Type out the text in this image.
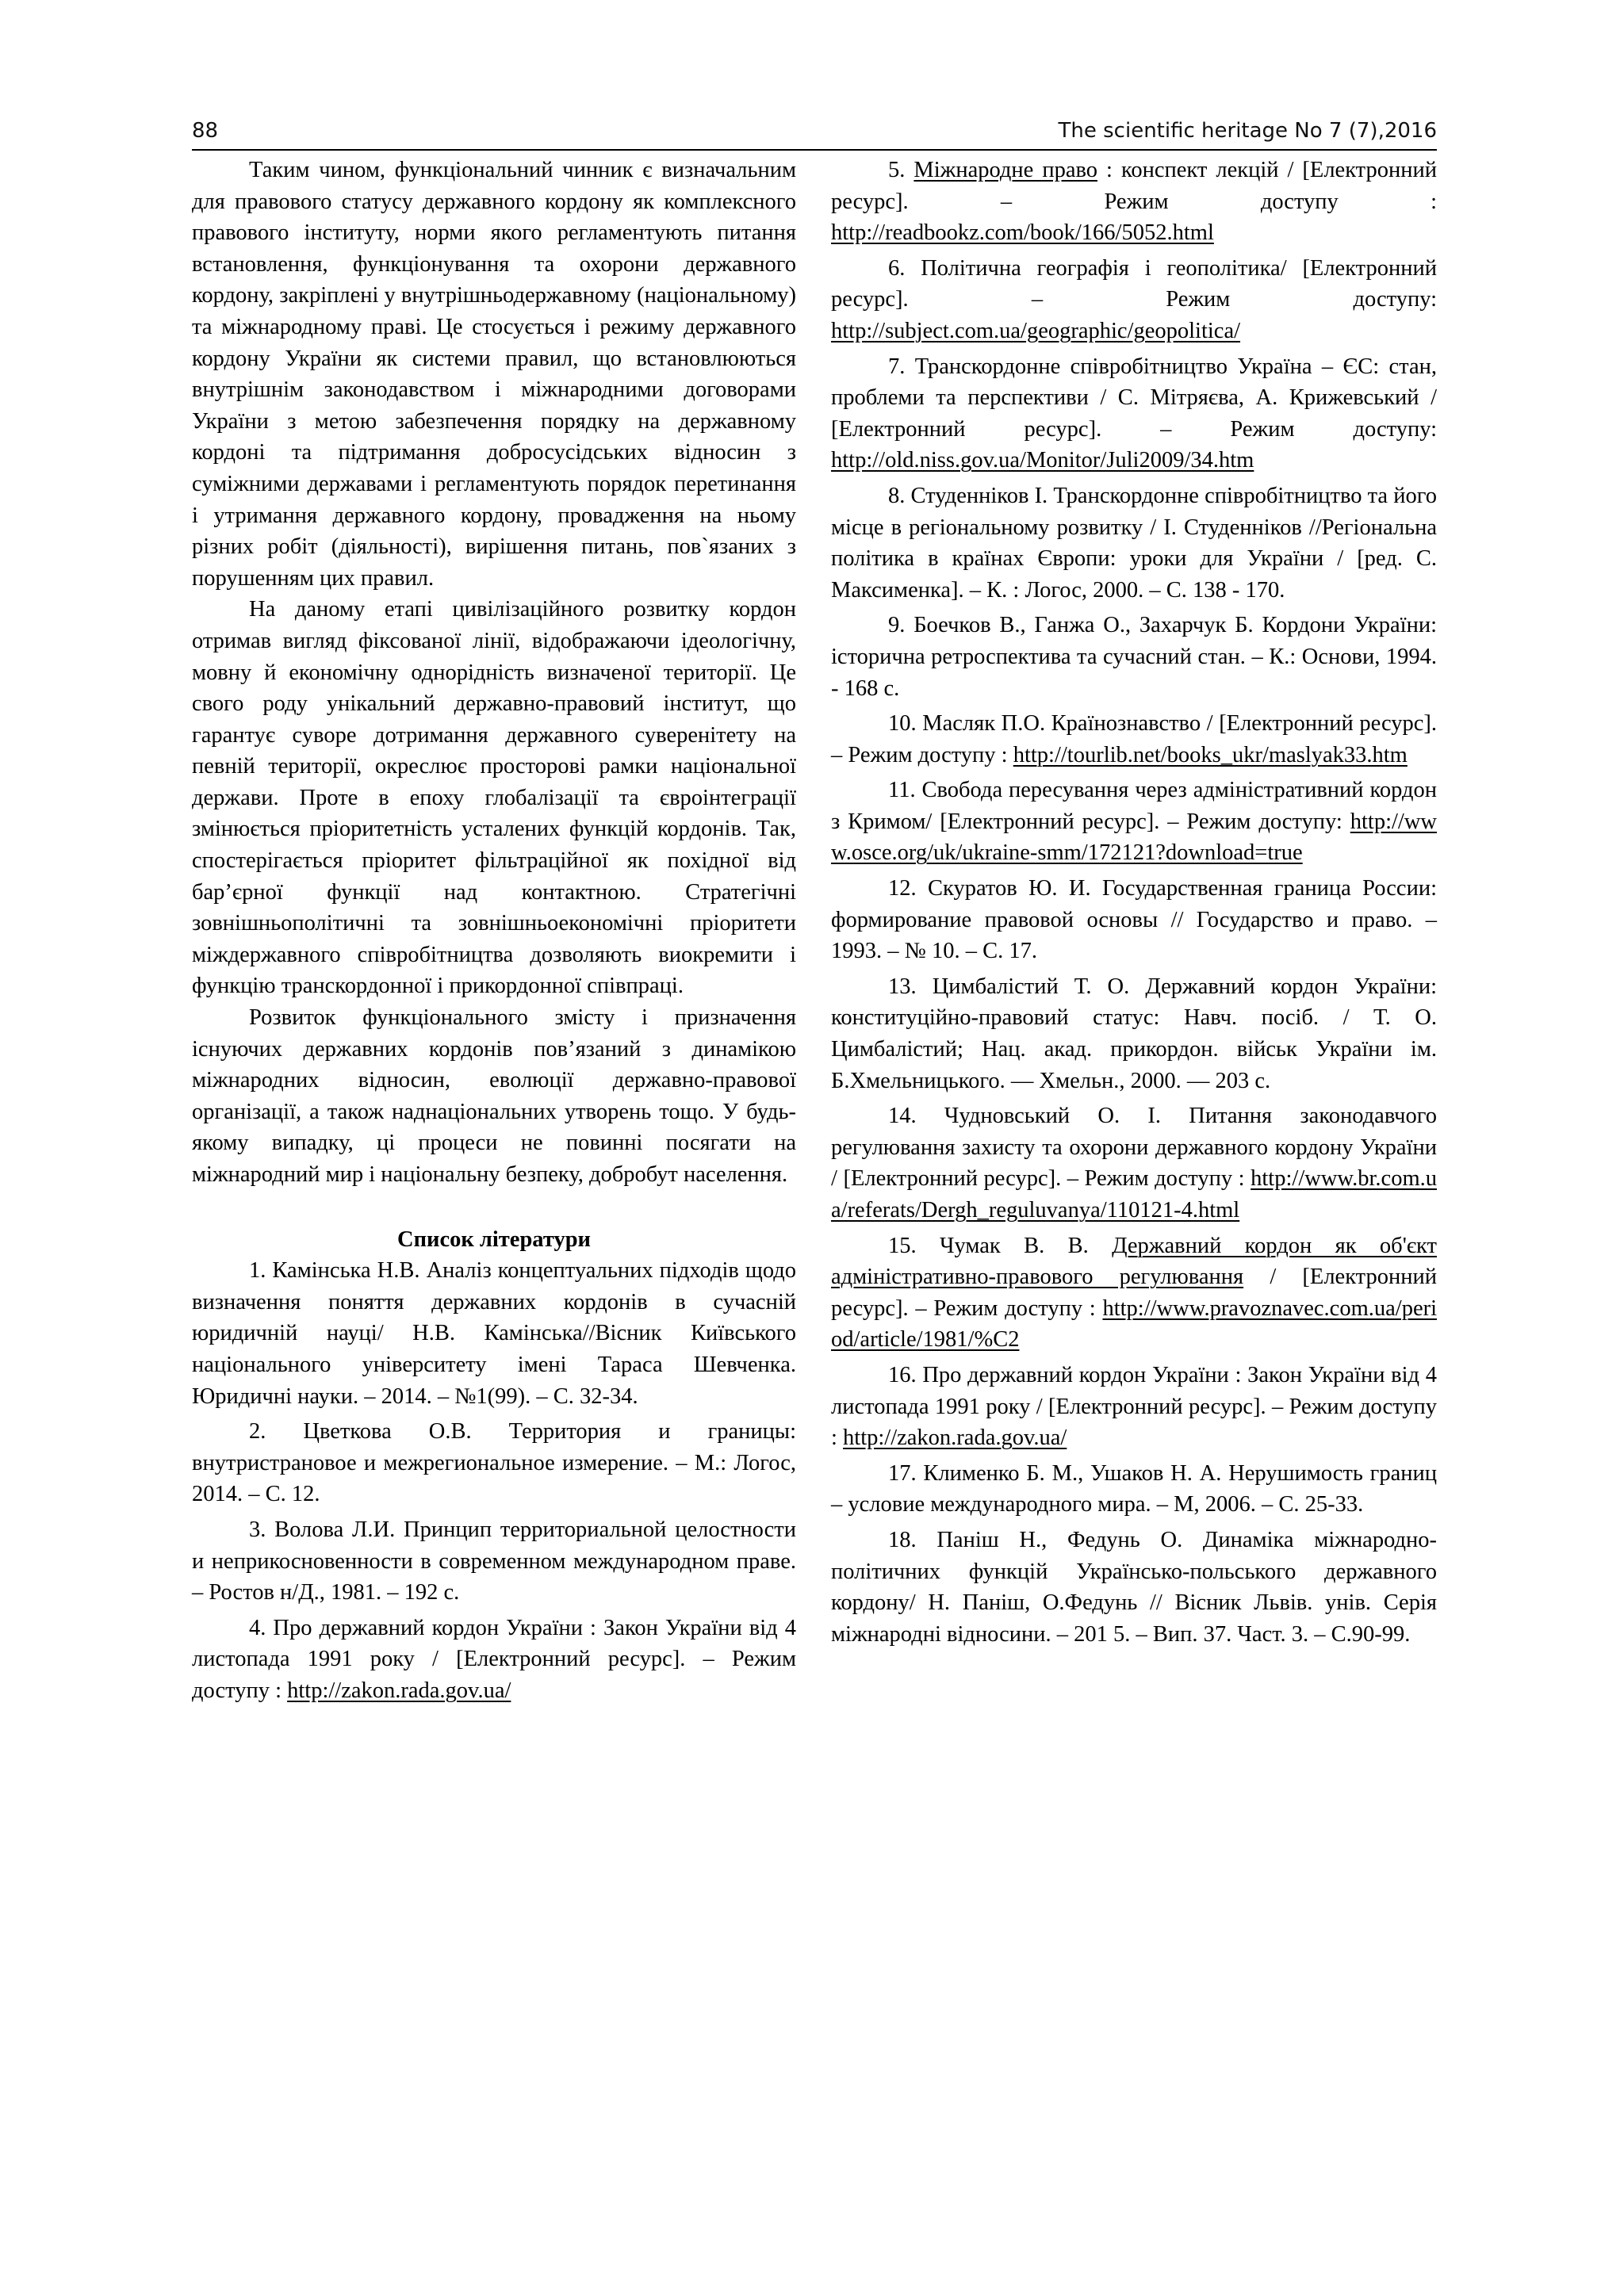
88	The scientific heritage No 7 (7),2016

Таким чином, функціональний чинник є визначальним для правового статусу державного кордону як комплексного правового інституту, норми якого регламентують питання встановлення, функціонування та охорони державного кордону, закріплені у внутрішньодержавному (національному) та міжнародному праві. Це стосується і режиму державного кордону України як системи правил, що встановлюються внутрішнім законодавством і міжнародними договорами України з метою забезпечення порядку на державному кордоні та підтримання добросусідських відносин з суміжними державами і регламентують порядок перетинання і утримання державного кордону, провадження на ньому різних робіт (діяльності), вирішення питань, пов`язаних з порушенням цих правил.

На даному етапі цивілізаційного розвитку кордон отримав вигляд фіксованої лінії, відображаючи ідеологічну, мовну й економічну однорідність визначеної території. Це свого роду унікальний державно-правовий інститут, що гарантує суворе дотримання державного суверенітету на певній території, окреслює просторові рамки національної держави. Проте в епоху глобалізації та євроінтеграції змінюється пріоритетність усталених функцій кордонів. Так, спостерігається пріоритет фільтраційної як похідної від бар’єрної функції над контактною. Стратегічні зовнішньополітичні та зовнішньоекономічні пріоритети міждержавного співробітництва дозволяють виокремити і функцію транскордонної і прикордонної співпраці.

Розвиток функціонального змісту і призначення існуючих державних кордонів пов’язаний з динамікою міжнародних відносин, еволюції державно-правової організації, а також наднаціональних утворень тощо. У будь-якому випадку, ці процеси не повинні посягати на міжнародний мир і національну безпеку, добробут населення.

Список літератури

1. Камінська Н.В. Аналіз концептуальних підходів щодо визначення поняття державних кордонів в сучасній юридичній науці/ Н.В. Камінська//Вісник Київського національного університету імені Тараса Шевченка. Юридичні науки. – 2014. – №1(99). – С. 32-34.

2. Цветкова О.В. Территория и границы: внутристрановое и межрегиональное измерение. – М.: Логос, 2014. – С. 12.

3. Волова Л.И. Принцип территориальной целостности и неприкосновенности в современном международном праве. – Ростов н/Д., 1981. – 192 с.

4. Про державний кордон України : Закон України від 4 листопада 1991 року / [Електронний ресурс]. – Режим доступу : http://zakon.rada.gov.ua/

5. Міжнародне право : конспект лекцій / [Електронний ресурс]. – Режим доступу : http://readbookz.com/book/166/5052.html

6. Політична географія і геополітика/ [Електронний ресурс]. – Режим доступу: http://subject.com.ua/geographic/geopolitica/

7. Транскордонне співробітництво Україна – ЄС: стан, проблеми та перспективи / С. Мітряєва, А. Крижевський / [Електронний ресурс]. – Режим доступу: http://old.niss.gov.ua/Monitor/Juli2009/34.htm

8. Студенніков І. Транскордонне співробітництво та його місце в регіональному розвитку / І. Студенніков //Регіональна політика в країнах Європи: уроки для України / [ред. С. Максименка]. – К. : Логос, 2000. – С. 138 - 170.

9. Боечков В., Ганжа О., Захарчук Б. Кордони України: історична ретроспектива та сучасний стан. – К.: Основи, 1994. - 168 с.

10. Масляк П.О. Країнознавство / [Електронний ресурс]. – Режим доступу : http://tourlib.net/books_ukr/maslyak33.htm

11. Свобода пересування через адміністративний кордон з Кримом/ [Електронний ресурс]. – Режим доступу: http://www.osce.org/uk/ukraine-smm/172121?download=true

12. Скуратов Ю. И. Государственная граница России: формирование правовой основы // Государство и право. – 1993. – № 10. – С. 17.

13. Цимбалістий Т. О. Державний кордон України: конституційно-правовий статус: Навч. посіб. / Т. О. Цимбалістий; Нац. акад. прикордон. військ України ім. Б.Хмельницького. — Хмельн., 2000. — 203 с.

14. Чудновський О. І. Питання законодавчого регулювання захисту та охорони державного кордону України / [Електронний ресурс]. – Режим доступу : http://www.br.com.ua/referats/Dergh_reguluvanya/110121-4.html

15. Чумак В. В. Державний кордон як об'єкт адміністративно-правового регулювання / [Електронний ресурс]. – Режим доступу : http://www.pravoznavec.com.ua/period/article/1981/%C2

16. Про державний кордон України : Закон України від 4 листопада 1991 року / [Електронний ресурс]. – Режим доступу : http://zakon.rada.gov.ua/

17. Клименко Б. М., Ушаков Н. А. Нерушимость границ – условие международного мира. – М, 2006. – С. 25-33.

18. Паніш Н., Федунь О. Динаміка міжнародно-політичних функцій Українсько-польського державного кордону/ Н. Паніш, О.Федунь // Вісник Львів. унів. Серія міжнародні відносини. – 201 5. – Вип. 37. Част. 3. – С.90-99.
